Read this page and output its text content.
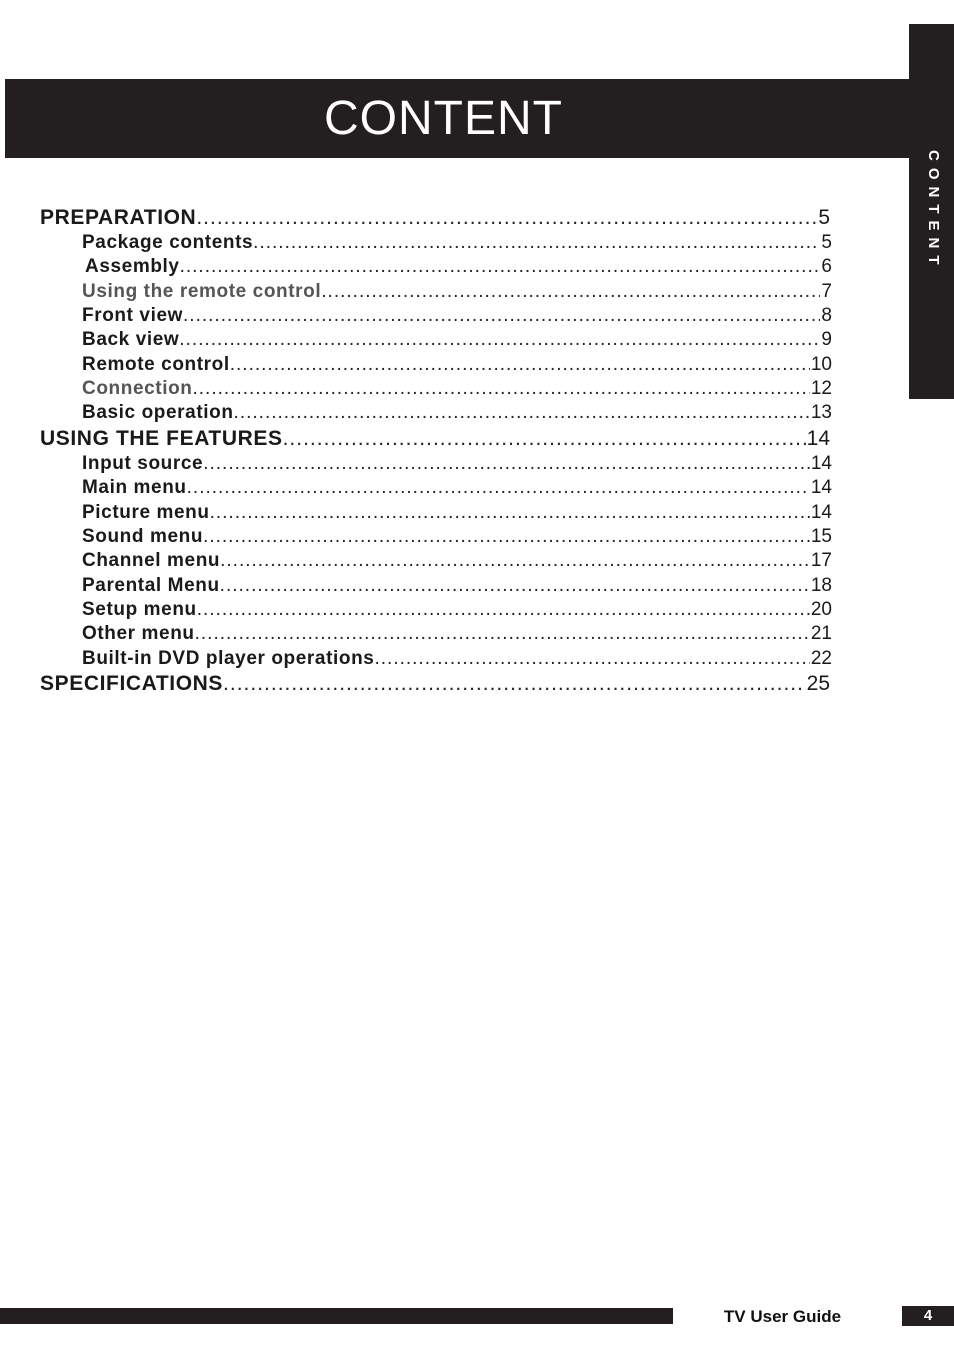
CONTENT
CONTENT
PREPARATION .....	5
Package contents .....	5
Assembly .....	6
Using the remote control .....	7
Front view .....	8
Back view .....	9
Remote control .....	10
Connection .....	12
Basic operation .....	13
USING THE FEATURES .....	14
Input source .....	14
Main menu .....	14
Picture menu .....	14
Sound menu .....	15
Channel menu .....	17
Parental Menu .....	18
Setup menu .....	20
Other menu .....	21
Built-in DVD player operations .....	22
SPECIFICATIONS .....	25
TV User Guide	4
